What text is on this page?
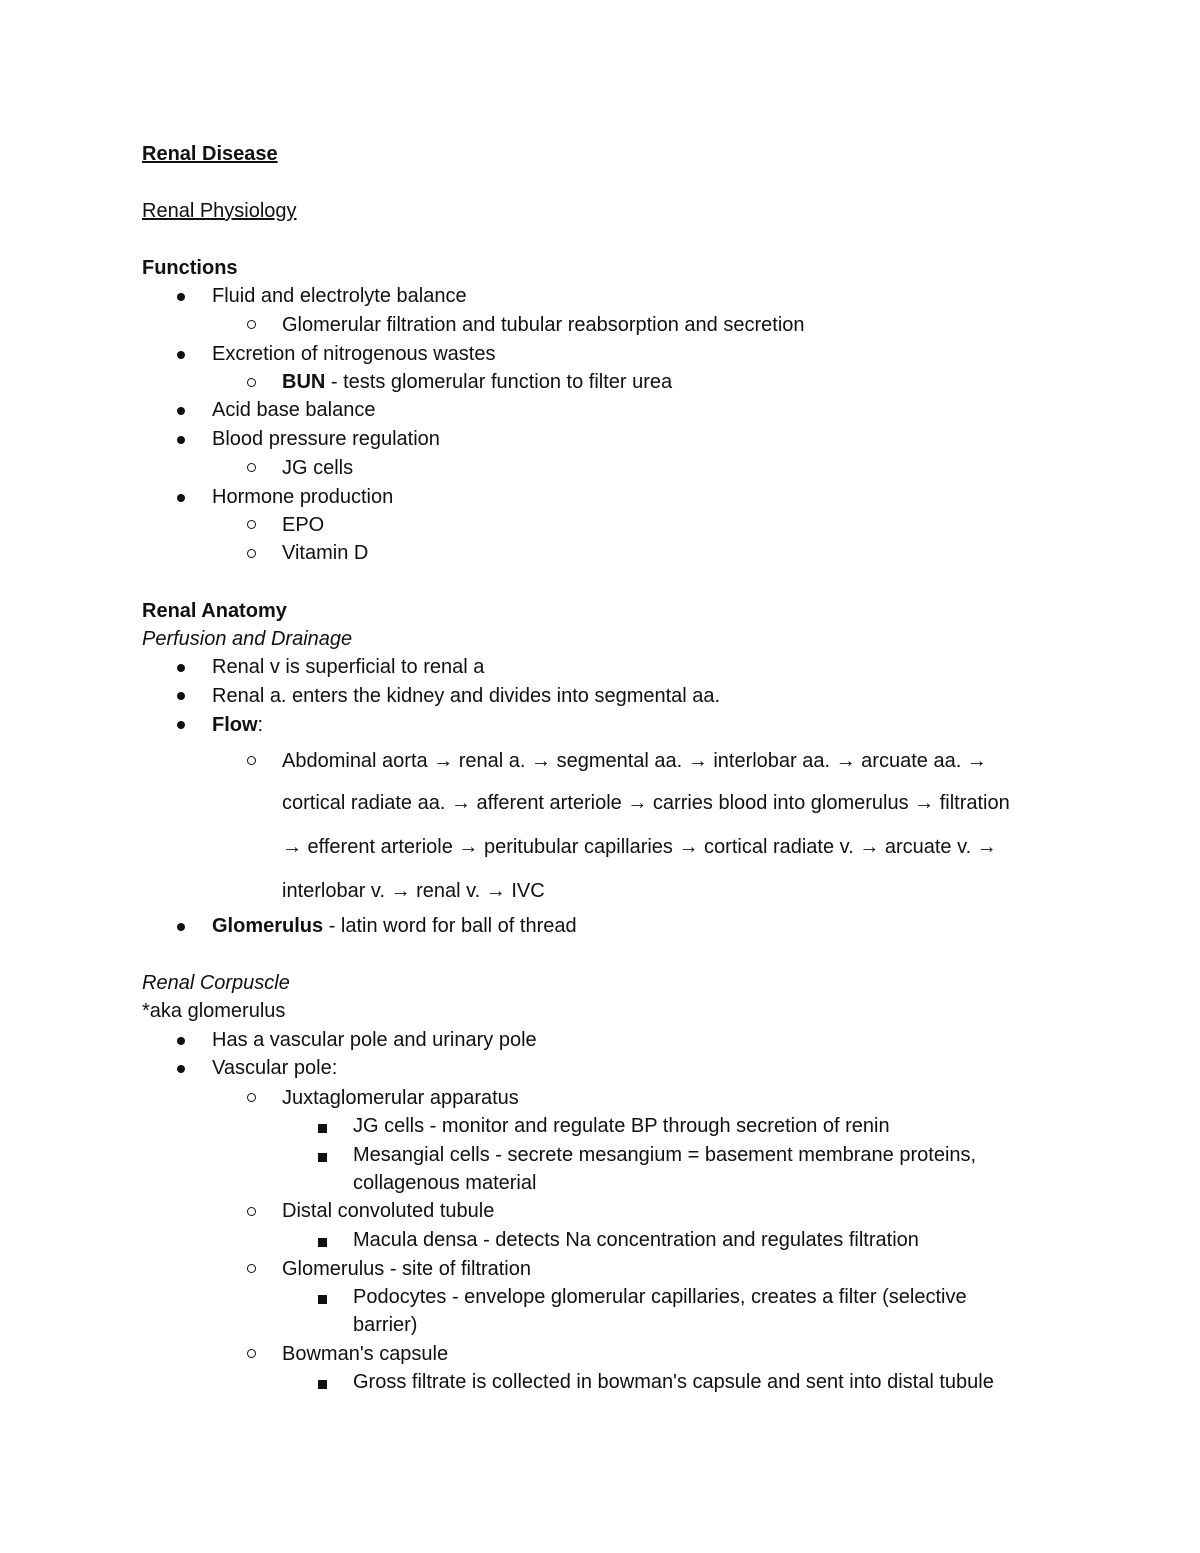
Renal Disease
Renal Physiology
Functions
Fluid and electrolyte balance
Glomerular filtration and tubular reabsorption and secretion
Excretion of nitrogenous wastes
BUN - tests glomerular function to filter urea
Acid base balance
Blood pressure regulation
JG cells
Hormone production
EPO
Vitamin D
Renal Anatomy
Perfusion and Drainage
Renal v is superficial to renal a
Renal a. enters the kidney and divides into segmental aa.
Flow:
Abdominal aorta → renal a. → segmental aa. → interlobar aa. → arcuate aa. →
cortical radiate aa. → afferent arteriole → carries blood into glomerulus → filtration
→ efferent arteriole → peritubular capillaries → cortical radiate v. → arcuate v. →
interlobar v. → renal v. → IVC
Glomerulus - latin word for ball of thread
Renal Corpuscle
*aka glomerulus
Has a vascular pole and urinary pole
Vascular pole:
Juxtaglomerular apparatus
JG cells - monitor and regulate BP through secretion of renin
Mesangial cells - secrete mesangium = basement membrane proteins,
collagenous material
Distal convoluted tubule
Macula densa - detects Na concentration and regulates filtration
Glomerulus - site of filtration
Podocytes - envelope glomerular capillaries, creates a filter (selective
barrier)
Bowman's capsule
Gross filtrate is collected in bowman's capsule and sent into distal tubule
